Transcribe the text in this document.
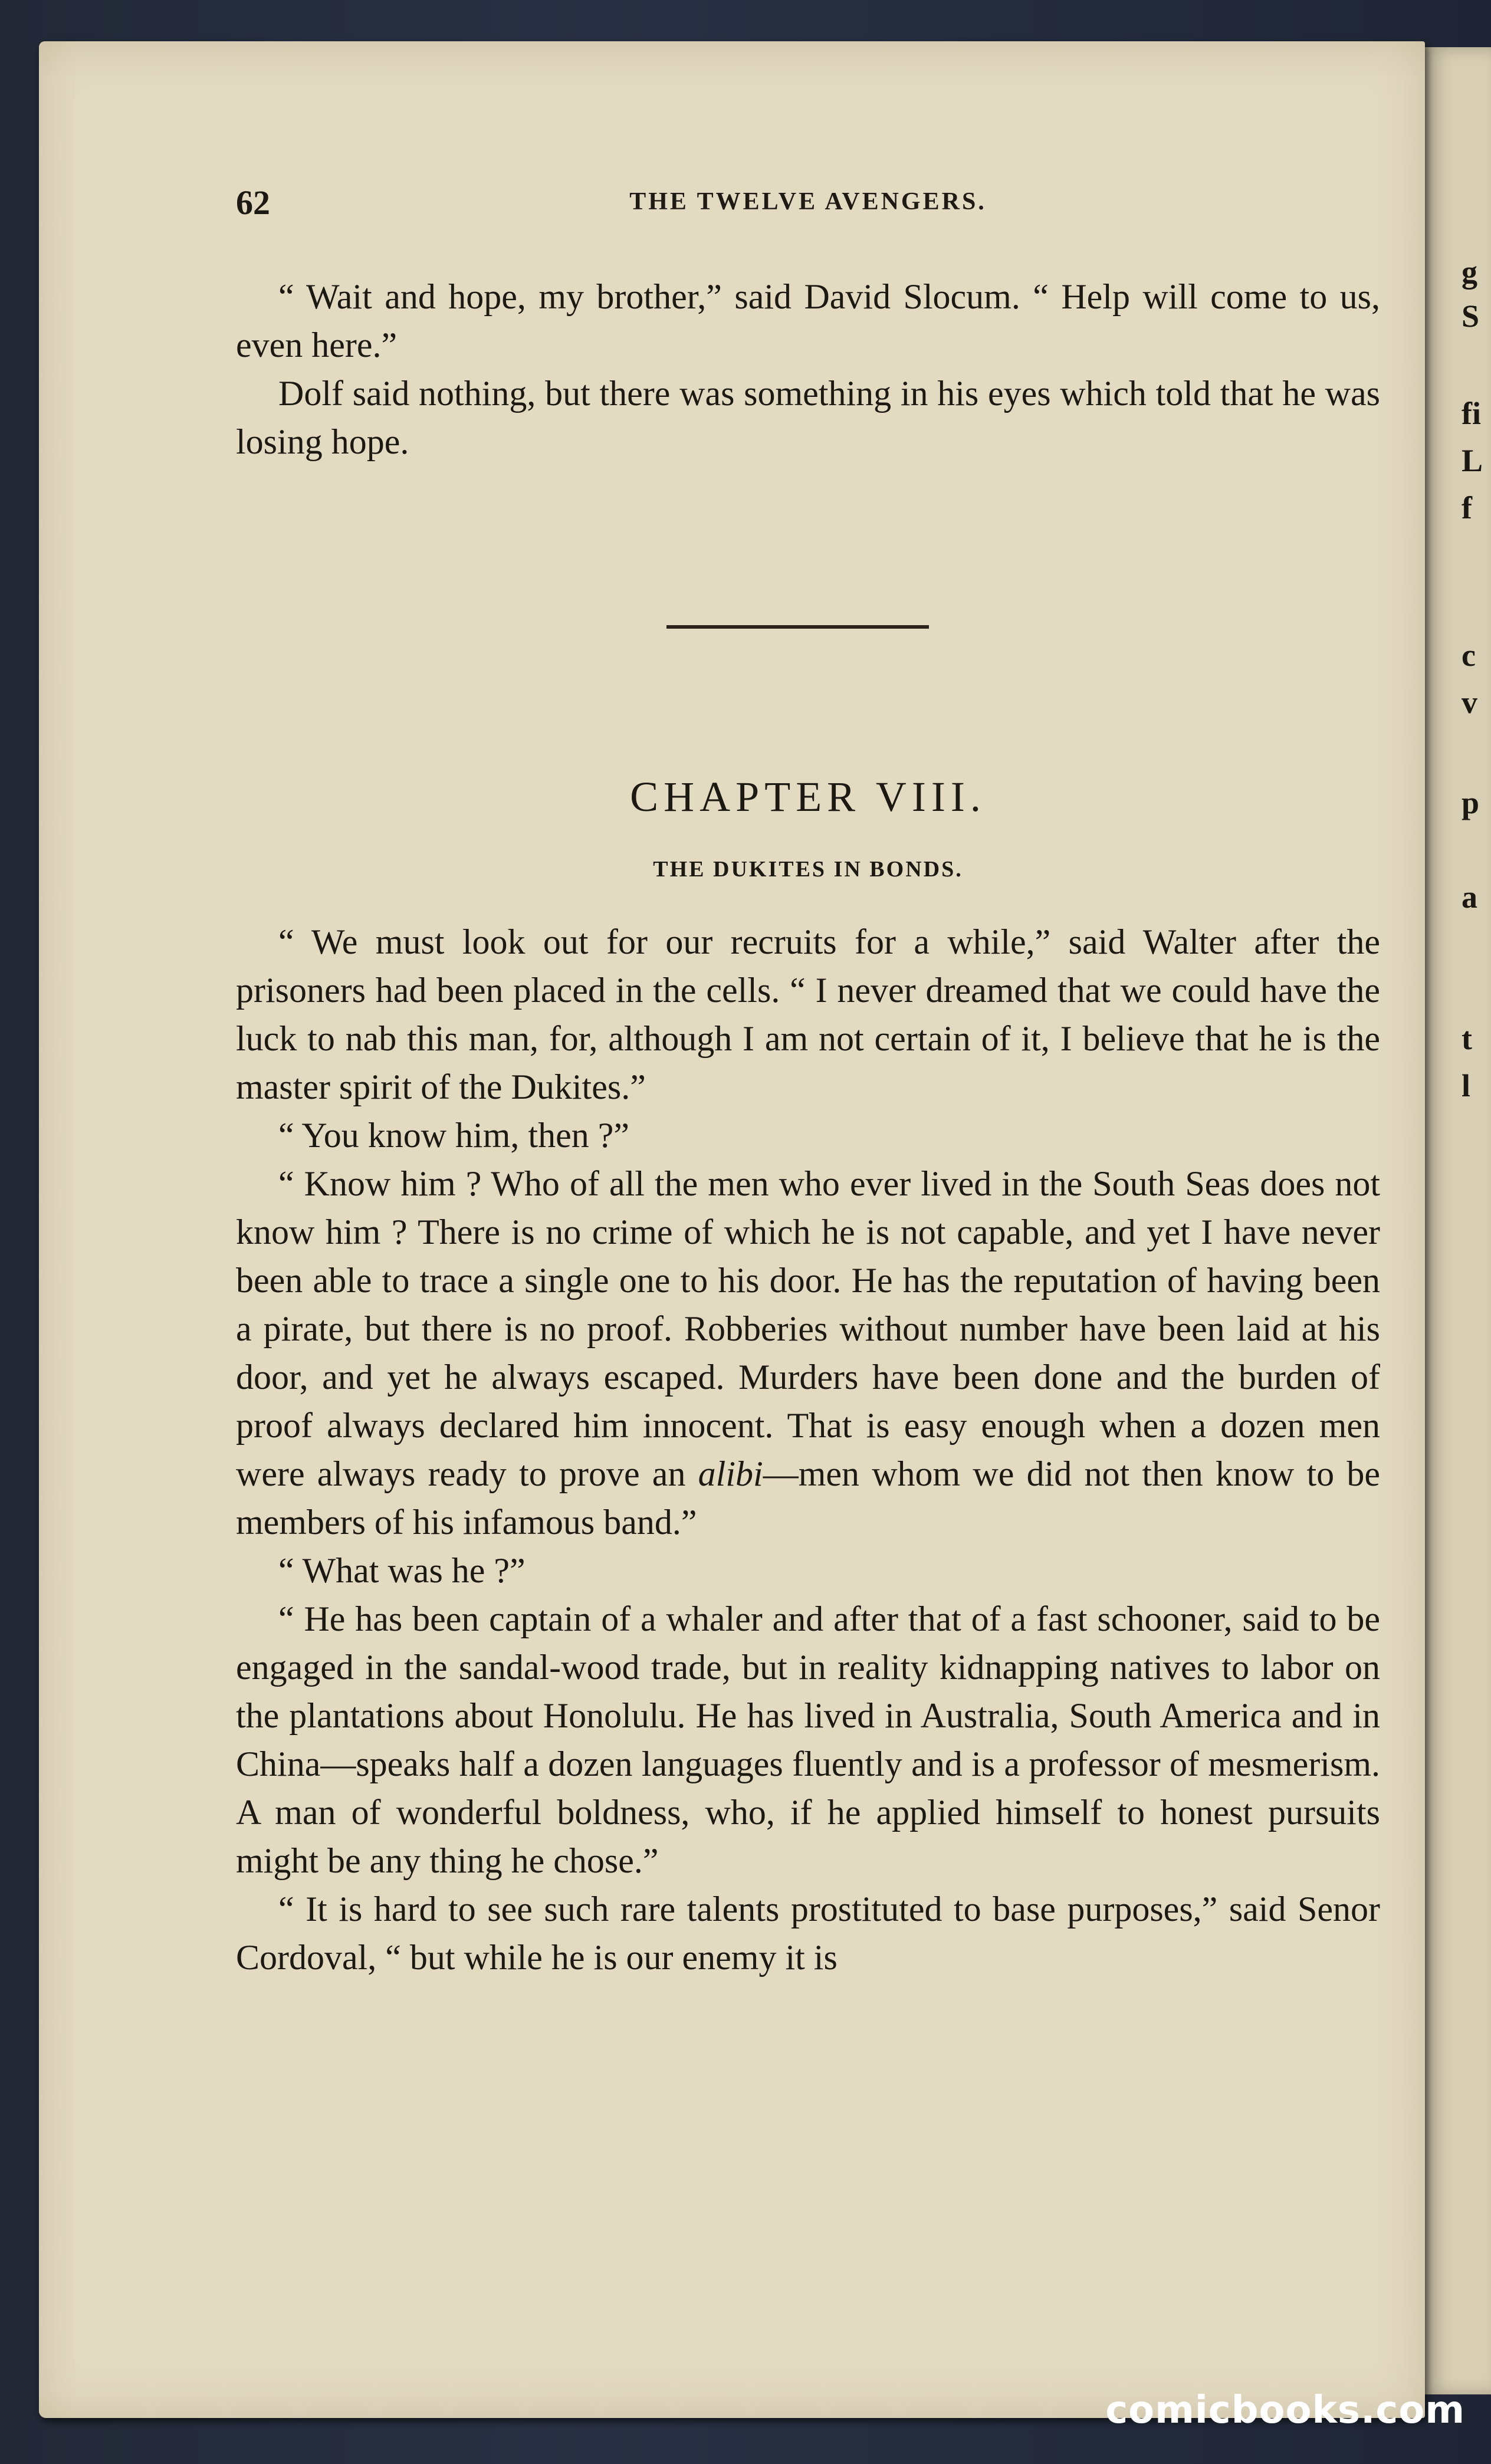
g
S
fi
L
f
c
v
p
a
t
l
62	THE TWELVE AVENGERS.

“ Wait and hope, my brother,” said David Slocum. “ Help will come to us, even here.”

Dolf said nothing, but there was something in his eyes which told that he was losing hope.

CHAPTER VIII.
THE DUKITES IN BONDS.

“ We must look out for our recruits for a while,” said Walter after the prisoners had been placed in the cells. “ I never dreamed that we could have the luck to nab this man, for, although I am not certain of it, I believe that he is the master spirit of the Dukites.”

“ You know him, then ?”

“ Know him ? Who of all the men who ever lived in the South Seas does not know him ? There is no crime of which he is not capable, and yet I have never been able to trace a single one to his door. He has the reputation of having been a pirate, but there is no proof. Robberies without number have been laid at his door, and yet he always escaped. Murders have been done and the burden of proof always declared him innocent. That is easy enough when a dozen men were always ready to prove an alibi—men whom we did not then know to be members of his infamous band.”

“ What was he ?”

“ He has been captain of a whaler and after that of a fast schooner, said to be engaged in the sandal-wood trade, but in reality kidnapping natives to labor on the plantations about Honolulu. He has lived in Australia, South America and in China—speaks half a dozen languages fluently and is a professor of mesmerism. A man of wonderful boldness, who, if he applied himself to honest pursuits might be any thing he chose.”

“ It is hard to see such rare talents prostituted to base purposes,” said Senor Cordoval, “ but while he is our enemy it is

comicbooks.com
